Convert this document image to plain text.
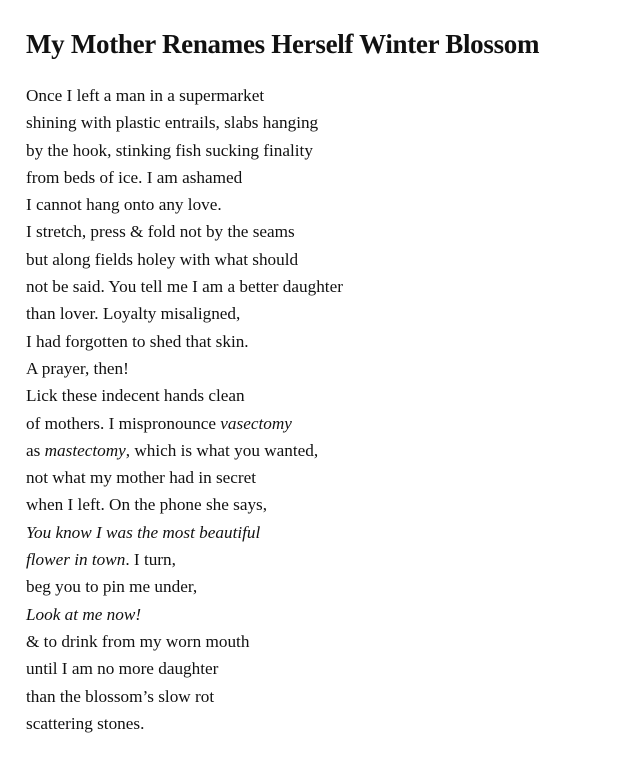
My Mother Renames Herself Winter Blossom
Once I left a man in a supermarket
shining with plastic entrails, slabs hanging
by the hook, stinking fish sucking finality
from beds of ice. I am ashamed
I cannot hang onto any love.
I stretch, press & fold not by the seams
but along fields holey with what should
not be said. You tell me I am a better daughter
than lover. Loyalty misaligned,
I had forgotten to shed that skin.
A prayer, then!
Lick these indecent hands clean
of mothers. I mispronounce vasectomy
as mastectomy, which is what you wanted,
not what my mother had in secret
when I left. On the phone she says,
You know I was the most beautiful
flower in town. I turn,
beg you to pin me under,
Look at me now!
& to drink from my worn mouth
until I am no more daughter
than the blossom’s slow rot
scattering stones.
